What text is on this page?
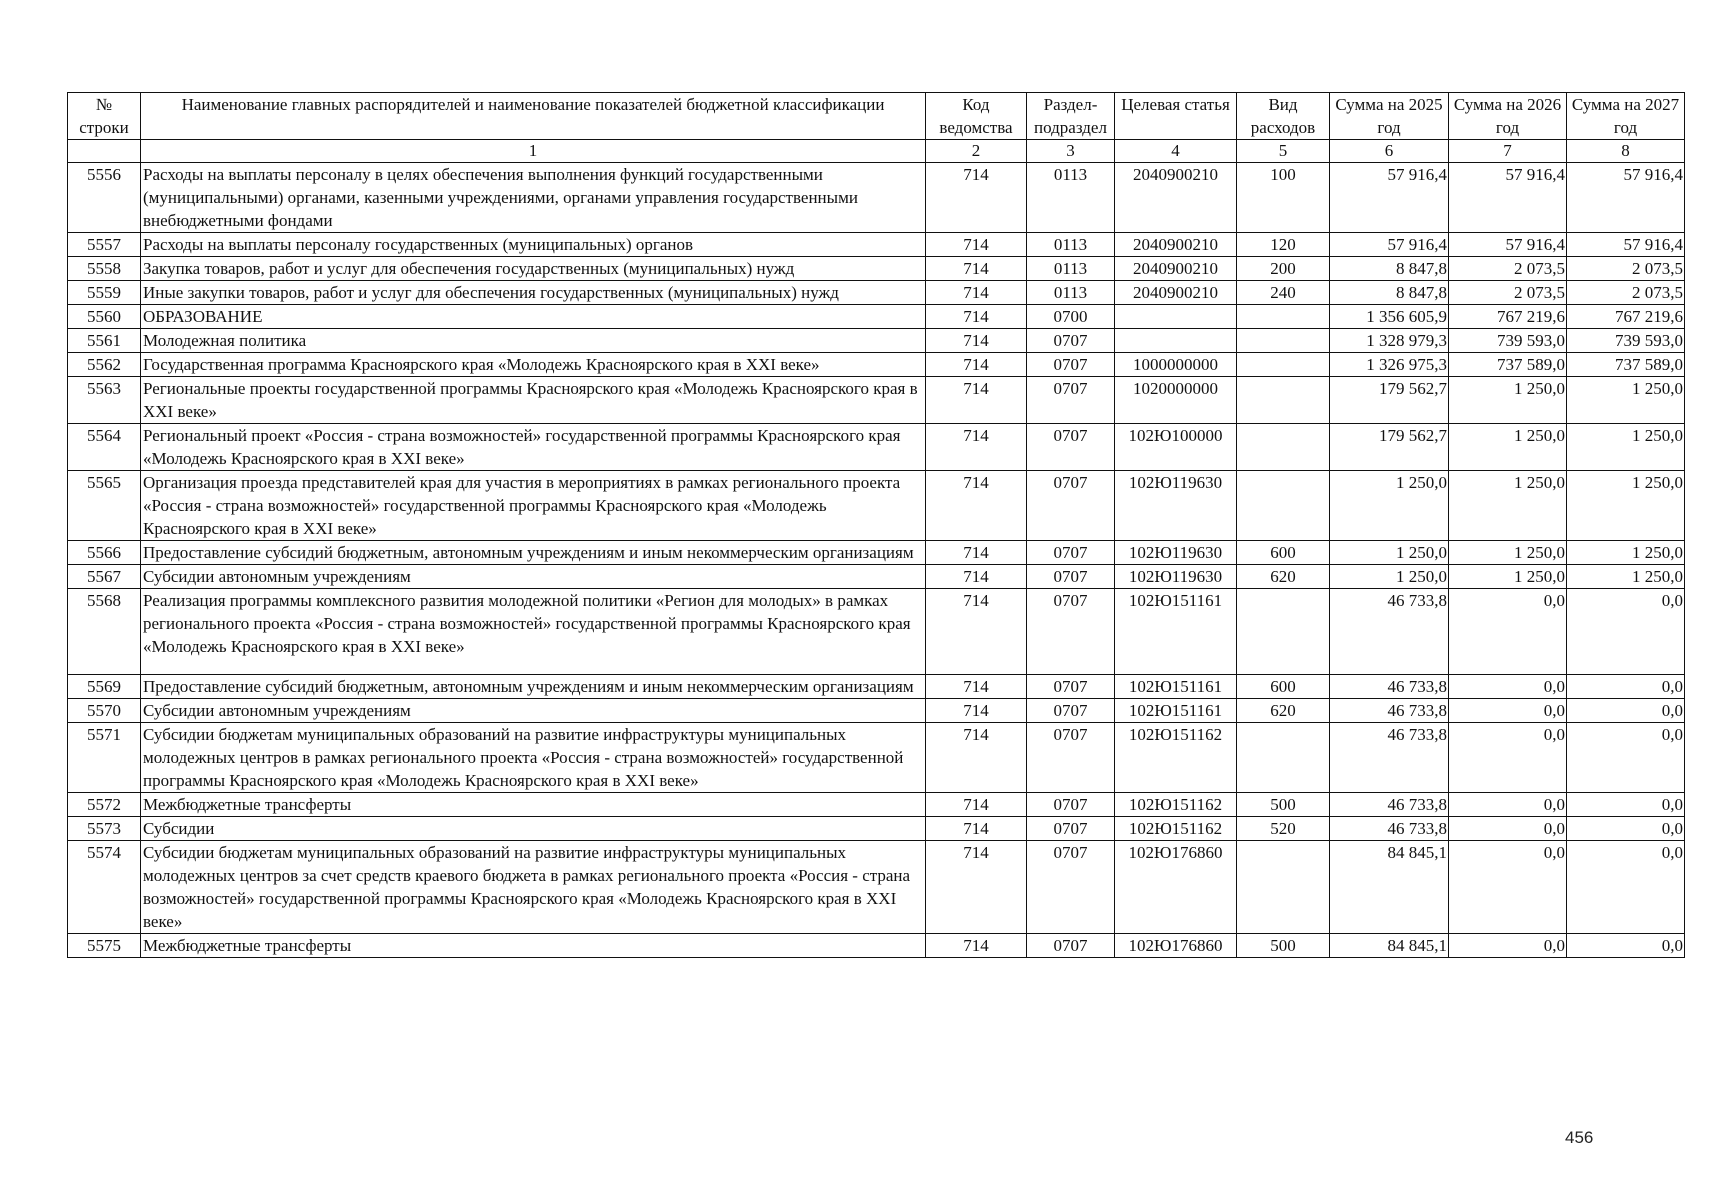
№ строки	Наименование главных распорядителей и наименование показателей бюджетной классификации	Код ведомства	Раздел-подраздел	Целевая статья	Вид расходов	Сумма на 2025 год	Сумма на 2026 год	Сумма на 2027 год
	1	2	3	4	5	6	7	8
5556	Расходы на выплаты персоналу в целях обеспечения выполнения функций государственными (муниципальными) органами, казенными учреждениями, органами управления государственными внебюджетными фондами	714	0113	2040900210	100	57 916,4	57 916,4	57 916,4
5557	Расходы на выплаты персоналу государственных (муниципальных) органов	714	0113	2040900210	120	57 916,4	57 916,4	57 916,4
5558	Закупка товаров, работ и услуг для обеспечения государственных (муниципальных) нужд	714	0113	2040900210	200	8 847,8	2 073,5	2 073,5
5559	Иные закупки товаров, работ и услуг для обеспечения государственных (муниципальных) нужд	714	0113	2040900210	240	8 847,8	2 073,5	2 073,5
5560	ОБРАЗОВАНИЕ	714	0700			1 356 605,9	767 219,6	767 219,6
5561	Молодежная политика	714	0707			1 328 979,3	739 593,0	739 593,0
5562	Государственная программа Красноярского края «Молодежь Красноярского края в XXI веке»	714	0707	1000000000		1 326 975,3	737 589,0	737 589,0
5563	Региональные проекты государственной программы Красноярского края «Молодежь Красноярского края в XXI веке»	714	0707	1020000000		179 562,7	1 250,0	1 250,0
5564	Региональный проект «Россия - страна возможностей» государственной программы Красноярского края «Молодежь Красноярского края в XXI веке»	714	0707	102Ю100000		179 562,7	1 250,0	1 250,0
5565	Организация проезда представителей края для участия в мероприятиях в рамках регионального проекта «Россия - страна возможностей» государственной программы Красноярского края «Молодежь Красноярского края в XXI веке»	714	0707	102Ю119630		1 250,0	1 250,0	1 250,0
5566	Предоставление субсидий бюджетным, автономным учреждениям и иным некоммерческим организациям	714	0707	102Ю119630	600	1 250,0	1 250,0	1 250,0
5567	Субсидии автономным учреждениям	714	0707	102Ю119630	620	1 250,0	1 250,0	1 250,0
5568	Реализация программы комплексного развития молодежной политики «Регион для молодых» в рамках регионального проекта «Россия - страна возможностей» государственной программы Красноярского края «Молодежь Красноярского края в XXI веке»	714	0707	102Ю151161		46 733,8	0,0	0,0
5569	Предоставление субсидий бюджетным, автономным учреждениям и иным некоммерческим организациям	714	0707	102Ю151161	600	46 733,8	0,0	0,0
5570	Субсидии автономным учреждениям	714	0707	102Ю151161	620	46 733,8	0,0	0,0
5571	Субсидии бюджетам муниципальных образований на развитие инфраструктуры муниципальных молодежных центров в рамках регионального проекта «Россия - страна возможностей» государственной программы Красноярского края «Молодежь Красноярского края в XXI веке»	714	0707	102Ю151162		46 733,8	0,0	0,0
5572	Межбюджетные трансферты	714	0707	102Ю151162	500	46 733,8	0,0	0,0
5573	Субсидии	714	0707	102Ю151162	520	46 733,8	0,0	0,0
5574	Субсидии бюджетам муниципальных образований на развитие инфраструктуры муниципальных молодежных центров за счет средств краевого бюджета в рамках регионального проекта «Россия - страна возможностей» государственной программы Красноярского края «Молодежь Красноярского края в XXI веке»	714	0707	102Ю176860		84 845,1	0,0	0,0
5575	Межбюджетные трансферты	714	0707	102Ю176860	500	84 845,1	0,0	0,0
456
